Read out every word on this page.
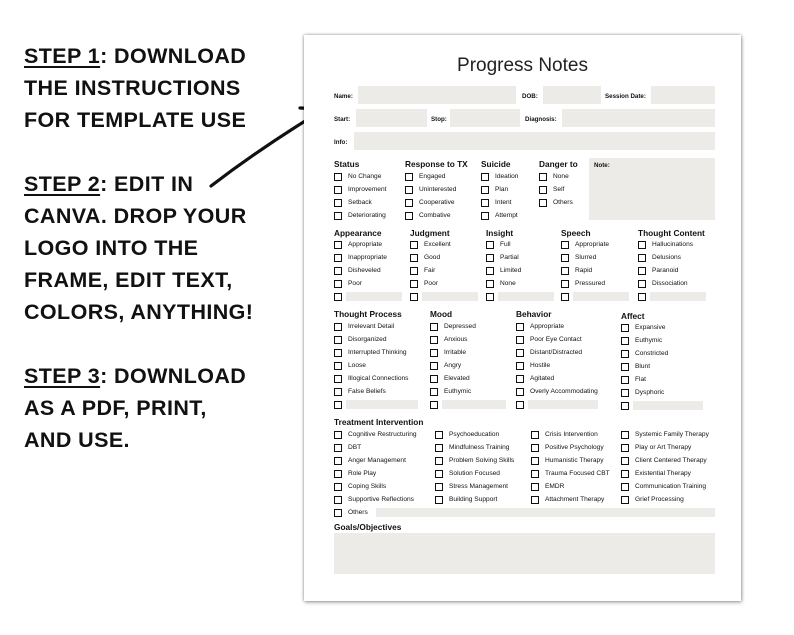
STEP 1: DOWNLOAD
THE INSTRUCTIONS
FOR TEMPLATE USE
STEP 2: EDIT IN
CANVA. DROP YOUR
LOGO INTO THE
FRAME, EDIT TEXT,
COLORS, ANYTHING!
STEP 3: DOWNLOAD
AS A PDF, PRINT,
AND USE.
Progress Notes
Name:	DOB:	Session Date:
Start:	Stop:	Diagnosis:
Info:
Status
No Change
Improvement
Setback
Deteriorating
Response to TX
Engaged
Uninterested
Cooperative
Combative
Suicide
Ideation
Plan
Intent
Attempt
Danger to
None
Self
Others
Note:
Appearance
Appropriate
Inappropriate
Disheveled
Poor
Judgment
Excellent
Good
Fair
Poor
Insight
Full
Partial
Limited
None
Speech
Appropriate
Slurred
Rapid
Pressured
Thought Content
Hallucinations
Delusions
Paranoid
Dissociation
Thought Process
Irrelevant Detail
Disorganized
Interrupted Thinking
Loose
Illogical Connections
False Beliefs
Mood
Depressed
Anxious
Irritable
Angry
Elevated
Euthymic
Behavior
Appropriate
Poor Eye Contact
Distant/Distracted
Hostile
Agitated
Overly Accommodating
Affect
Expansive
Euthymic
Constricted
Blunt
Flat
Dysphoric
Treatment Intervention
Cognitive Restructuring
DBT
Anger Management
Role Play
Coping Skills
Supportive Reflections
Others
Psychoeducation
Mindfulness Training
Problem Solving Skills
Solution Focused
Stress Management
Building Support
Crisis Intervention
Positive Psychology
Humanistic Therapy
Trauma Focused CBT
EMDR
Attachment Therapy
Systemic Family Therapy
Play or Art Therapy
Client Centered Therapy
Existential Therapy
Communication Training
Grief Processing
Goals/Objectives
